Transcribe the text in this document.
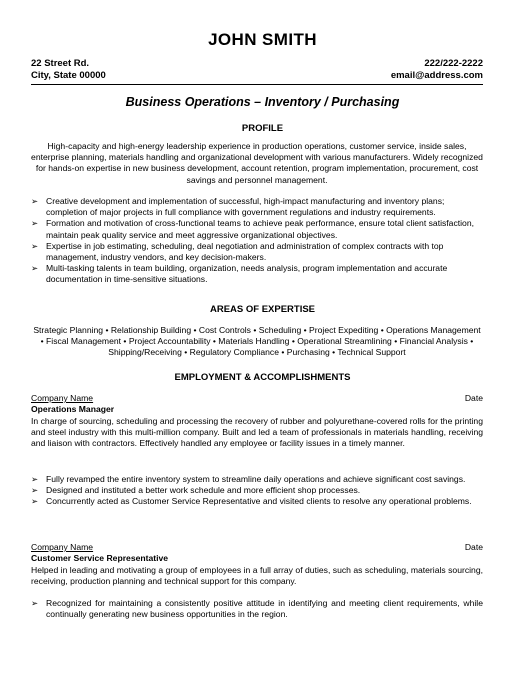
JOHN SMITH
22 Street Rd.	222/222-2222
City, State 00000	email@address.com
Business Operations – Inventory / Purchasing
PROFILE
High-capacity and high-energy leadership experience in production operations, customer service, inside sales, enterprise planning, materials handling and organizational development with various manufacturers. Widely recognized for hands-on expertise in new business development, account retention, program implementation, procurement, cost savings and personnel management.
➢ Creative development and implementation of successful, high-impact manufacturing and inventory plans; completion of major projects in full compliance with government regulations and industry requirements.
➢ Formation and motivation of cross-functional teams to achieve peak performance, ensure total client satisfaction, maintain peak quality service and meet aggressive organizational objectives.
➢ Expertise in job estimating, scheduling, deal negotiation and administration of complex contracts with top management, industry vendors, and key decision-makers.
➢ Multi-tasking talents in team building, organization, needs analysis, program implementation and accurate documentation in time-sensitive situations.
AREAS OF EXPERTISE
Strategic Planning • Relationship Building • Cost Controls • Scheduling • Project Expediting • Operations Management • Fiscal Management • Project Accountability • Materials Handling • Operational Streamlining • Financial Analysis • Shipping/Receiving • Regulatory Compliance • Purchasing • Technical Support
EMPLOYMENT & ACCOMPLISHMENTS
Company Name	Date
Operations Manager
In charge of sourcing, scheduling and processing the recovery of rubber and polyurethane-covered rolls for the printing and steel industry with this multi-million company. Built and led a team of professionals in materials handling, receiving and liaison with contractors. Effectively handled any employee or facility issues in a timely manner.
➢ Fully revamped the entire inventory system to streamline daily operations and achieve significant cost savings.
➢ Designed and instituted a better work schedule and more efficient shop processes.
➢ Concurrently acted as Customer Service Representative and visited clients to resolve any operational problems.
Company Name	Date
Customer Service Representative
Helped in leading and motivating a group of employees in a full array of duties, such as scheduling, materials sourcing, receiving, production planning and technical support for this company.
➢ Recognized for maintaining a consistently positive attitude in identifying and meeting client requirements, while continually generating new business opportunities in the region.
